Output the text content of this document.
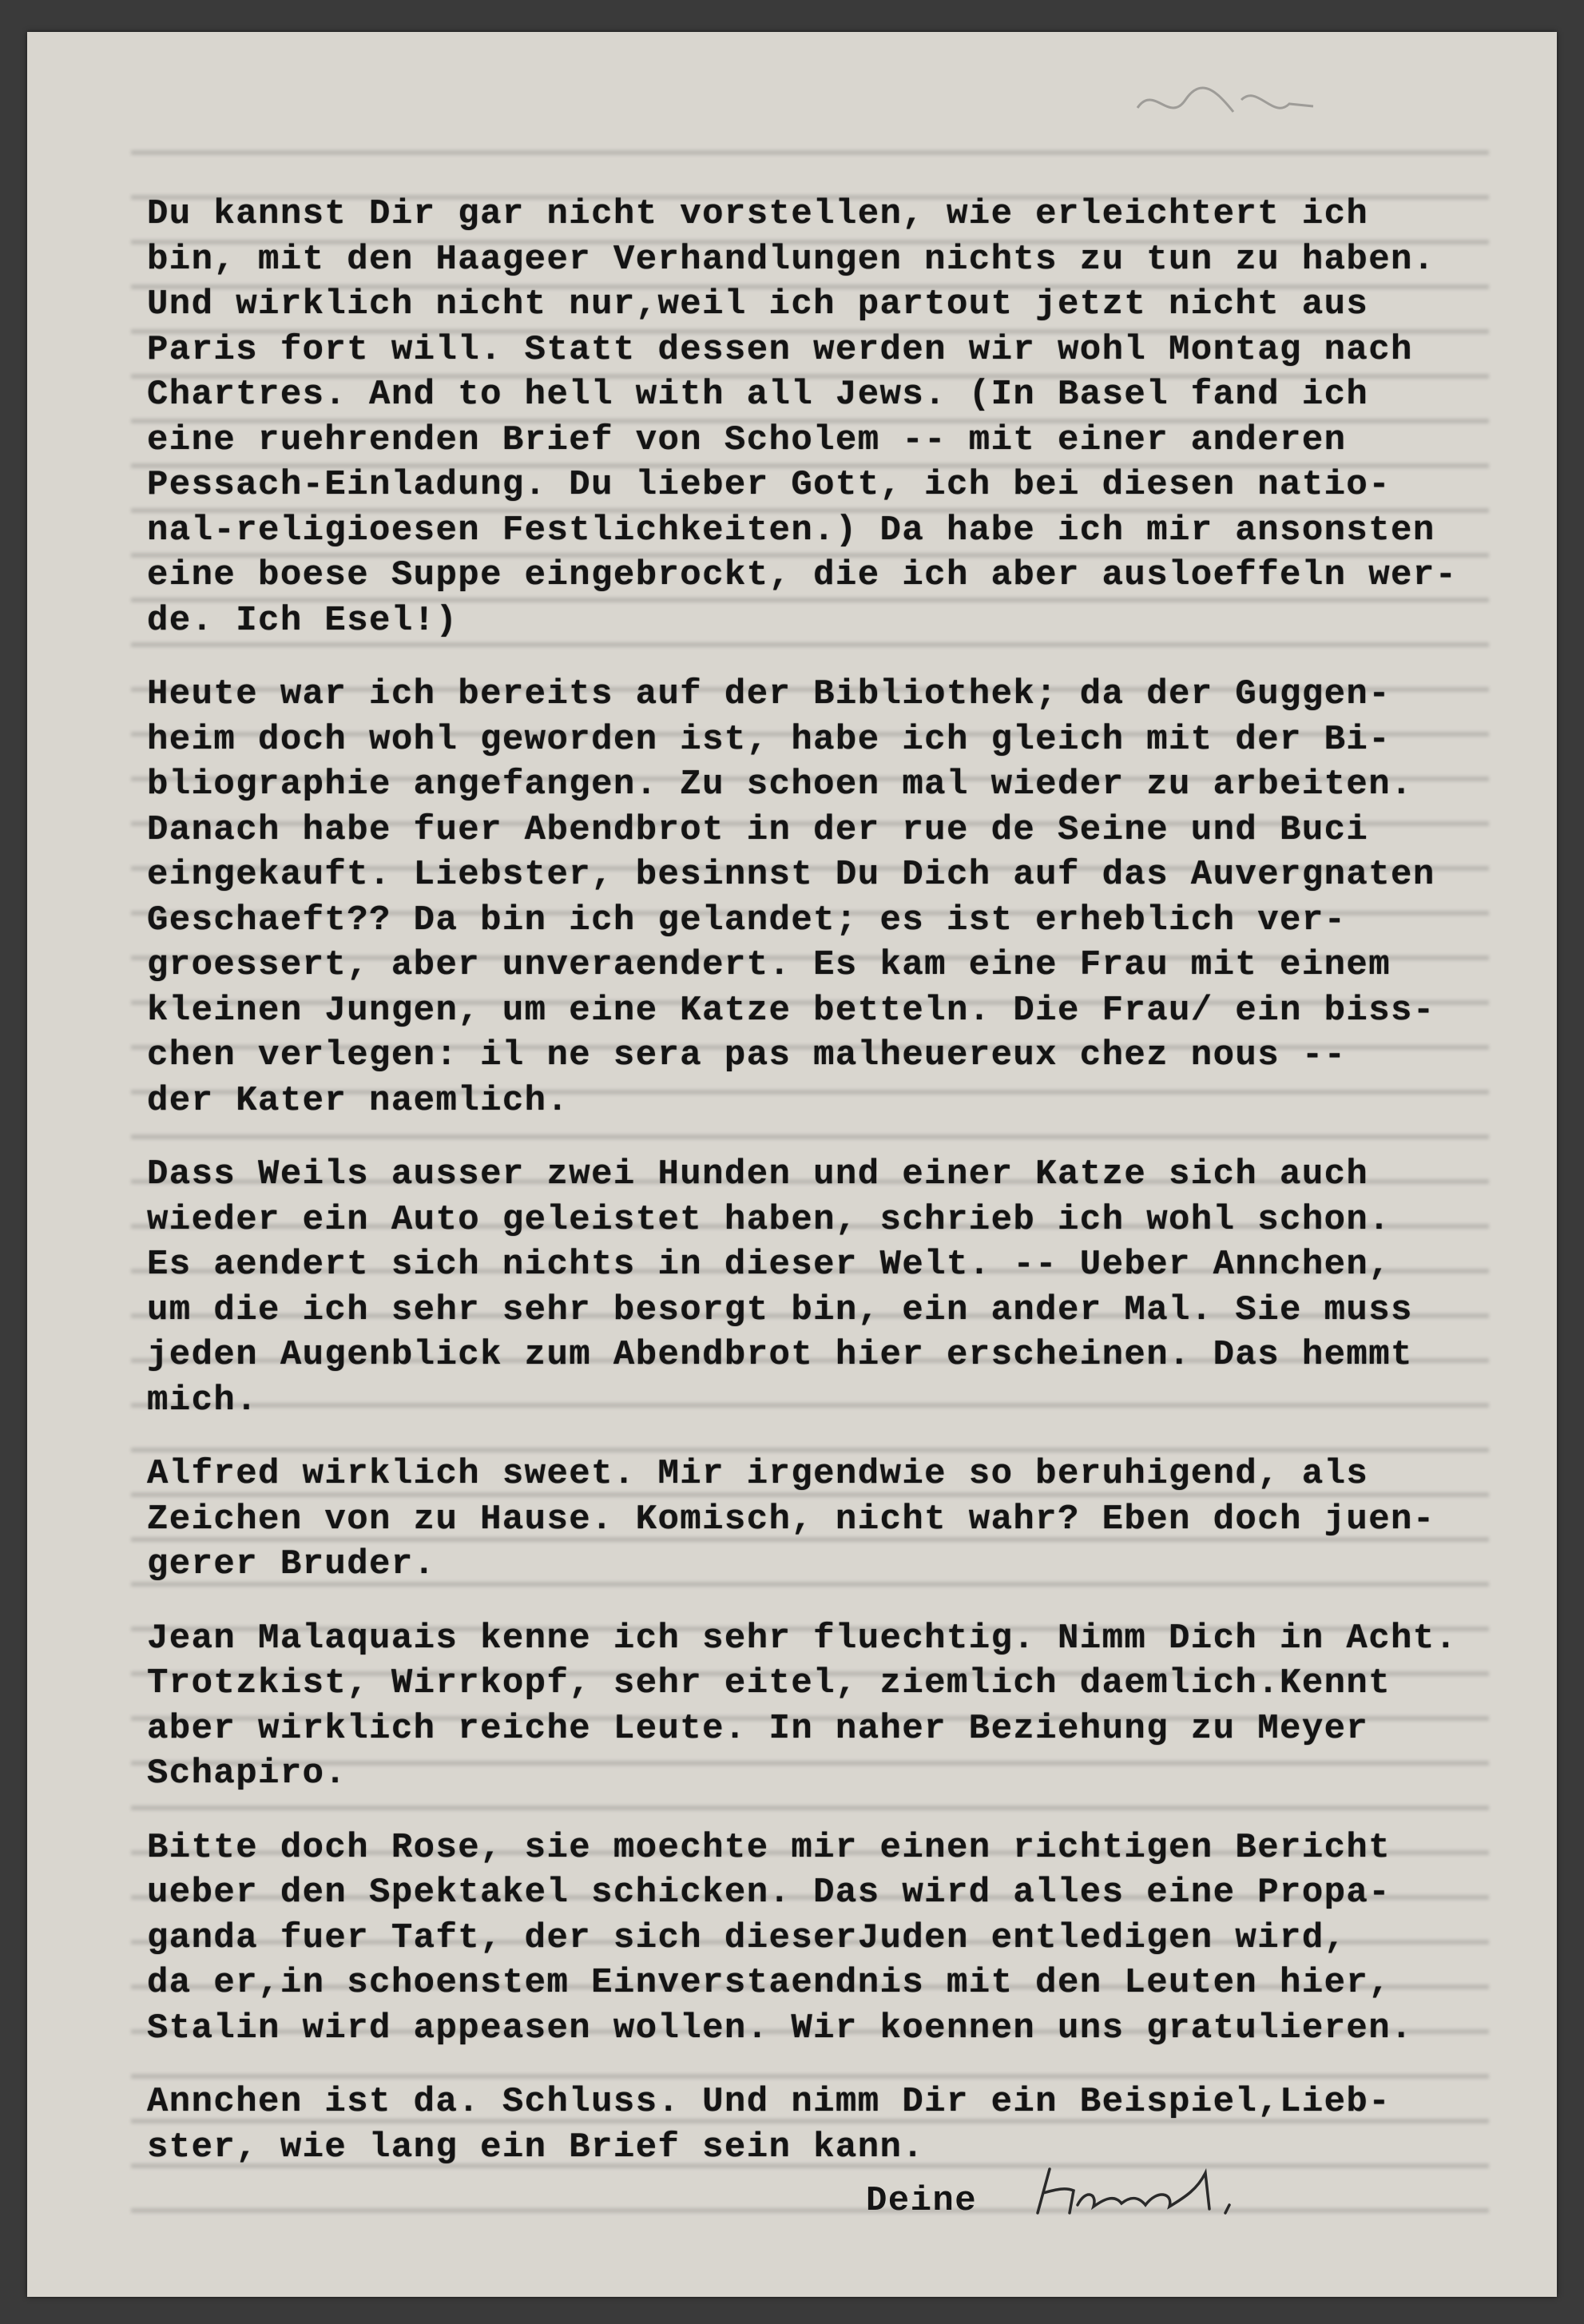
Du kannst Dir gar nicht vorstellen, wie erleichtert ich
bin, mit den Haageer Verhandlungen nichts zu tun zu haben.
Und wirklich nicht nur,weil ich partout jetzt nicht aus
Paris fort will. Statt dessen werden wir wohl Montag nach
Chartres. And to hell with all Jews. (In Basel fand ich
eine ruehrenden Brief von Scholem -- mit einer anderen
Pessach-Einladung. Du lieber Gott, ich bei diesen natio-
nal-religioesen Festlichkeiten.) Da habe ich mir ansonsten
eine boese Suppe eingebrockt, die ich aber ausloeffeln wer-
de. Ich Esel!)
Heute war ich bereits auf der Bibliothek; da der Guggen-
heim doch wohl geworden ist, habe ich gleich mit der Bi-
bliographie angefangen. Zu schoen mal wieder zu arbeiten.
Danach habe fuer Abendbrot in der rue de Seine und Buci
eingekauft. Liebster, besinnst Du Dich auf das Auvergnaten
Geschaeft?? Da bin ich gelandet; es ist erheblich ver-
groessert, aber unveraendert. Es kam eine Frau mit einem
kleinen Jungen, um eine Katze betteln. Die Frau/ ein biss-
chen verlegen: il ne sera pas malheuereux chez nous --
der Kater naemlich.
Dass Weils ausser zwei Hunden und einer Katze sich auch
wieder ein Auto geleistet haben, schrieb ich wohl schon.
Es aendert sich nichts in dieser Welt. -- Ueber Annchen,
um die ich sehr sehr besorgt bin, ein ander Mal. Sie muss
jeden Augenblick zum Abendbrot hier erscheinen. Das hemmt
mich.
Alfred wirklich sweet. Mir irgendwie so beruhigend, als
Zeichen von zu Hause. Komisch, nicht wahr? Eben doch juen-
gerer Bruder.
Jean Malaquais kenne ich sehr fluechtig. Nimm Dich in Acht.
Trotzkist, Wirrkopf, sehr eitel, ziemlich daemlich.Kennt
aber wirklich reiche Leute. In naher Beziehung zu Meyer
Schapiro.
Bitte doch Rose, sie moechte mir einen richtigen Bericht
ueber den Spektakel schicken. Das wird alles eine Propa-
ganda fuer Taft, der sich dieserJuden entledigen wird,
da er,in schoenstem Einverstaendnis mit den Leuten hier,
Stalin wird appeasen wollen. Wir koennen uns gratulieren.
Annchen ist da. Schluss. Und nimm Dir ein Beispiel,Lieb-
ster, wie lang ein Brief sein kann.
Deine
